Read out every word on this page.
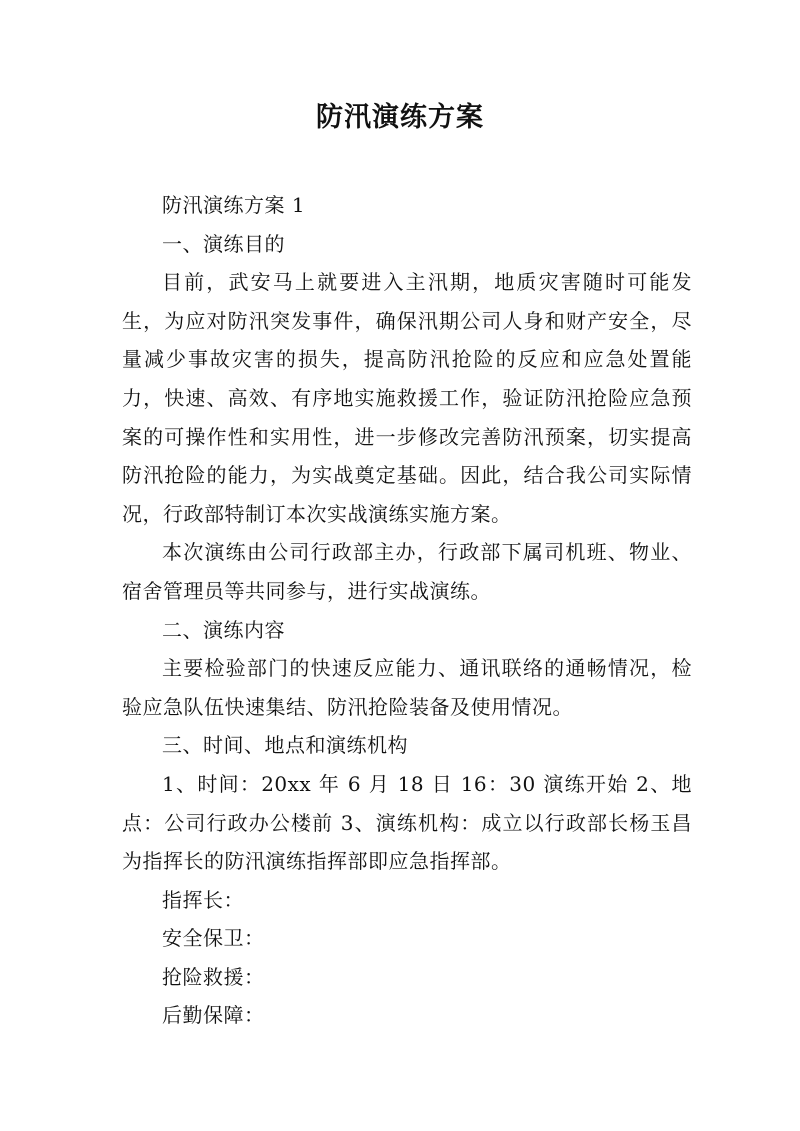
防汛演练方案

防汛演练方案 1

一、演练目的

目前，武安马上就要进入主汛期，地质灾害随时可能发生，为应对防汛突发事件，确保汛期公司人身和财产安全，尽量减少事故灾害的损失，提高防汛抢险的反应和应急处置能力，快速、高效、有序地实施救援工作，验证防汛抢险应急预案的可操作性和实用性，进一步修改完善防汛预案，切实提高防汛抢险的能力，为实战奠定基础。因此，结合我公司实际情况，行政部特制订本次实战演练实施方案。

本次演练由公司行政部主办，行政部下属司机班、物业、宿舍管理员等共同参与，进行实战演练。

二、演练内容

主要检验部门的快速反应能力、通讯联络的通畅情况，检验应急队伍快速集结、防汛抢险装备及使用情况。

三、时间、地点和演练机构

1、时间：20xx 年 6 月 18 日 16：30 演练开始 2、地点：公司行政办公楼前 3、演练机构：成立以行政部长杨玉昌为指挥长的防汛演练指挥部即应急指挥部。

指挥长：

安全保卫：

抢险救援：

后勤保障：
